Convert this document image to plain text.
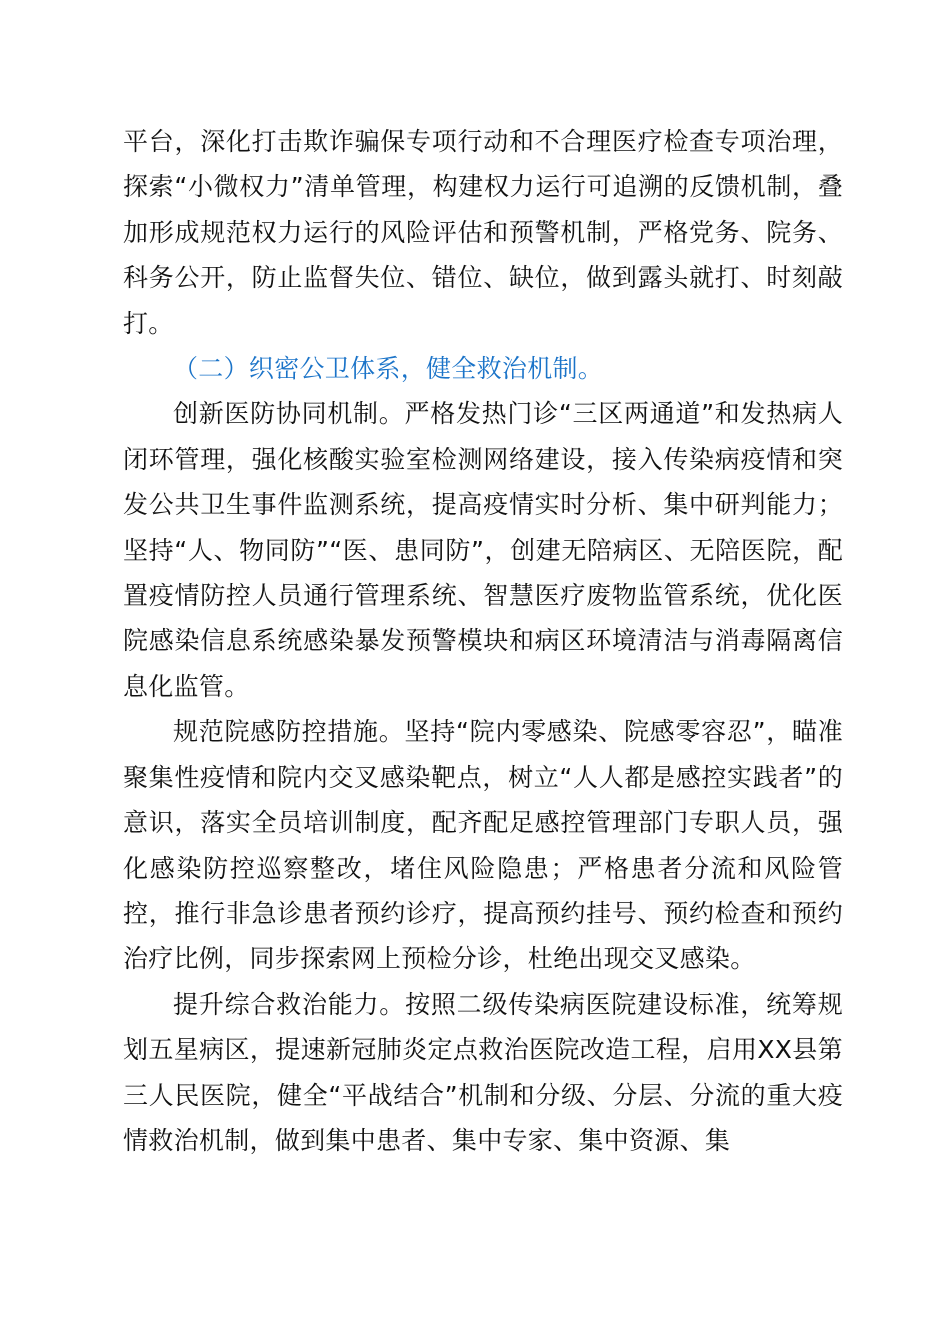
平台，深化打击欺诈骗保专项行动和不合理医疗检查专项治理，探索“小微权力”清单管理，构建权力运行可追溯的反馈机制，叠加形成规范权力运行的风险评估和预警机制，严格党务、院务、科务公开，防止监督失位、错位、缺位，做到露头就打、时刻敲打。

（二）织密公卫体系，健全救治机制。

创新医防协同机制。严格发热门诊“三区两通道”和发热病人闭环管理，强化核酸实验室检测网络建设，接入传染病疫情和突发公共卫生事件监测系统，提高疫情实时分析、集中研判能力；坚持“人、物同防”“医、患同防”，创建无陪病区、无陪医院，配置疫情防控人员通行管理系统、智慧医疗废物监管系统，优化医院感染信息系统感染暴发预警模块和病区环境清洁与消毒隔离信息化监管。

规范院感防控措施。坚持“院内零感染、院感零容忍”，瞄准聚集性疫情和院内交叉感染靶点，树立“人人都是感控实践者”的意识，落实全员培训制度，配齐配足感控管理部门专职人员，强化感染防控巡察整改，堵住风险隐患；严格患者分流和风险管控，推行非急诊患者预约诊疗，提高预约挂号、预约检查和预约治疗比例，同步探索网上预检分诊，杜绝出现交叉感染。

提升综合救治能力。按照二级传染病医院建设标准，统筹规划五星病区，提速新冠肺炎定点救治医院改造工程，启用XX县第三人民医院，健全“平战结合”机制和分级、分层、分流的重大疫情救治机制，做到集中患者、集中专家、集中资源、集
